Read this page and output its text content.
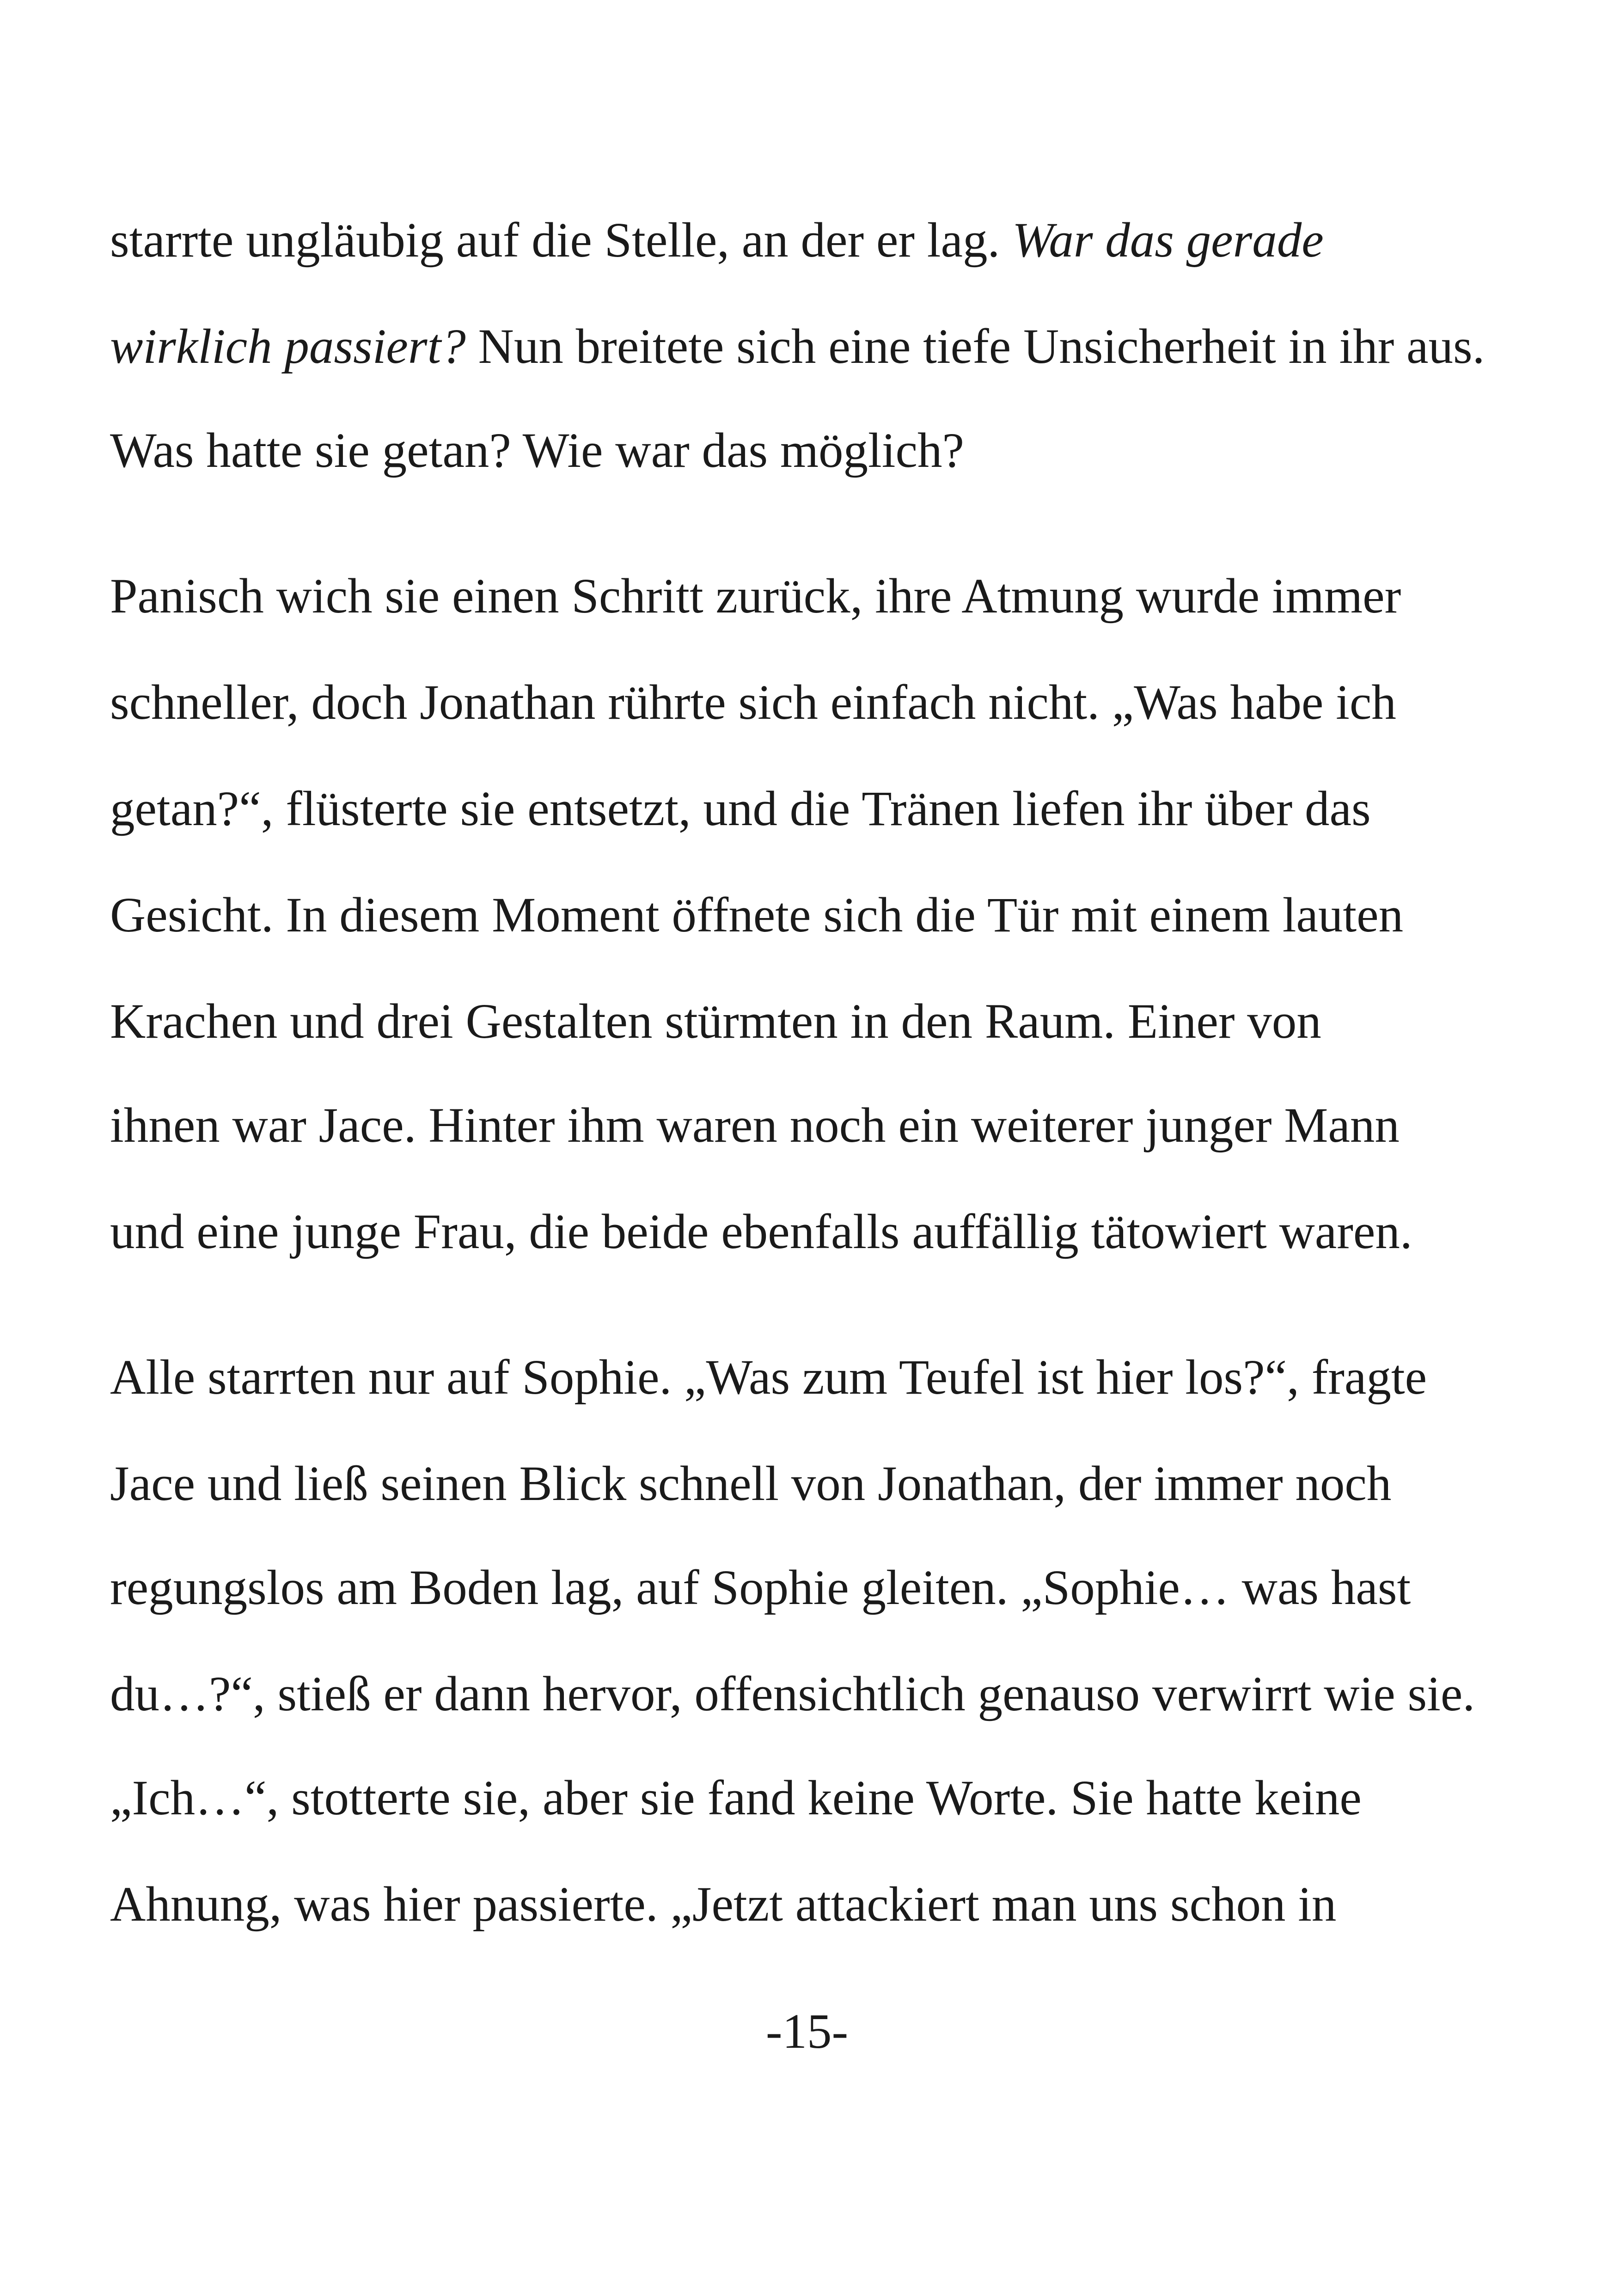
starrte ungläubig auf die Stelle, an der er lag. War das gerade
wirklich passiert? Nun breitete sich eine tiefe Unsicherheit in ihr aus.
Was hatte sie getan? Wie war das möglich?
Panisch wich sie einen Schritt zurück, ihre Atmung wurde immer
schneller, doch Jonathan rührte sich einfach nicht. „Was habe ich
getan?“, flüsterte sie entsetzt, und die Tränen liefen ihr über das
Gesicht. In diesem Moment öffnete sich die Tür mit einem lauten
Krachen und drei Gestalten stürmten in den Raum. Einer von
ihnen war Jace. Hinter ihm waren noch ein weiterer junger Mann
und eine junge Frau, die beide ebenfalls auffällig tätowiert waren.
Alle starrten nur auf Sophie. „Was zum Teufel ist hier los?“, fragte
Jace und ließ seinen Blick schnell von Jonathan, der immer noch
regungslos am Boden lag, auf Sophie gleiten. „Sophie… was hast
du…?“, stieß er dann hervor, offensichtlich genauso verwirrt wie sie.
„Ich…“, stotterte sie, aber sie fand keine Worte. Sie hatte keine
Ahnung, was hier passierte. „Jetzt attackiert man uns schon in
-15-
